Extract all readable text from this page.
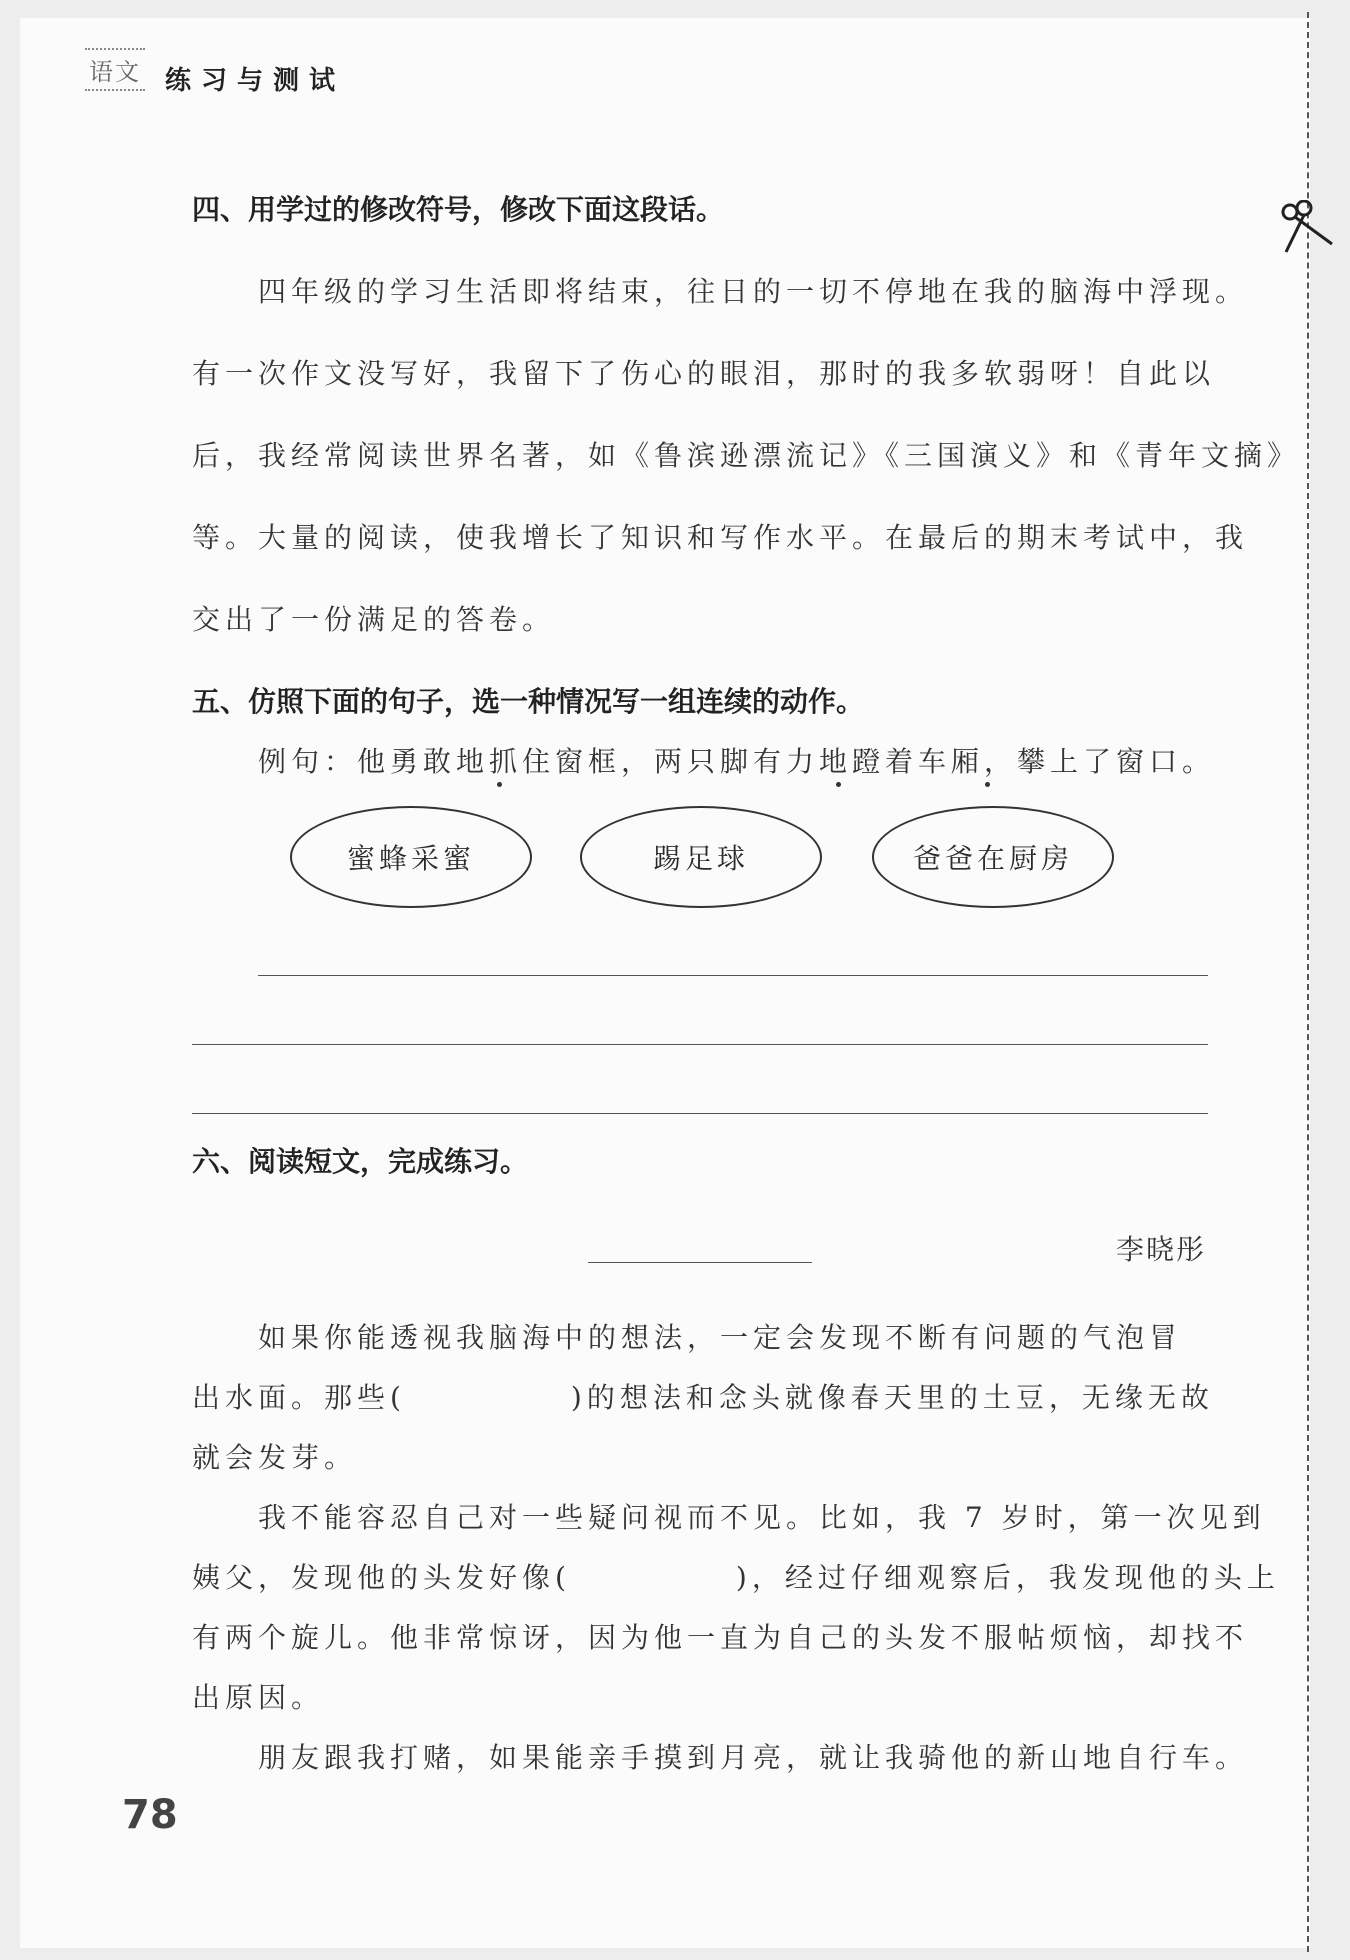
语文 练习与测试
四、用学过的修改符号，修改下面这段话。
四年级的学习生活即将结束，往日的一切不停地在我的脑海中浮现。
有一次作文没写好，我留下了伤心的眼泪，那时的我多软弱呀！自此以
后，我经常阅读世界名著，如《鲁滨逊漂流记》《三国演义》和《青年文摘》
等。大量的阅读，使我增长了知识和写作水平。在最后的期末考试中，我
交出了一份满足的答卷。
五、仿照下面的句子，选一种情况写一组连续的动作。
例句：他勇敢地抓住窗框，两只脚有力地蹬着车厢，攀上了窗口。
蜜蜂采蜜	踢足球	爸爸在厨房
六、阅读短文，完成练习。
李晓彤
如果你能透视我脑海中的想法，一定会发现不断有问题的气泡冒
出水面。那些(　　　　　)的想法和念头就像春天里的土豆，无缘无故
就会发芽。
我不能容忍自己对一些疑问视而不见。比如，我 7 岁时，第一次见到
姨父，发现他的头发好像(　　　　　)，经过仔细观察后，我发现他的头上
有两个旋儿。他非常惊讶，因为他一直为自己的头发不服帖烦恼，却找不
出原因。
朋友跟我打赌，如果能亲手摸到月亮，就让我骑他的新山地自行车。
78
